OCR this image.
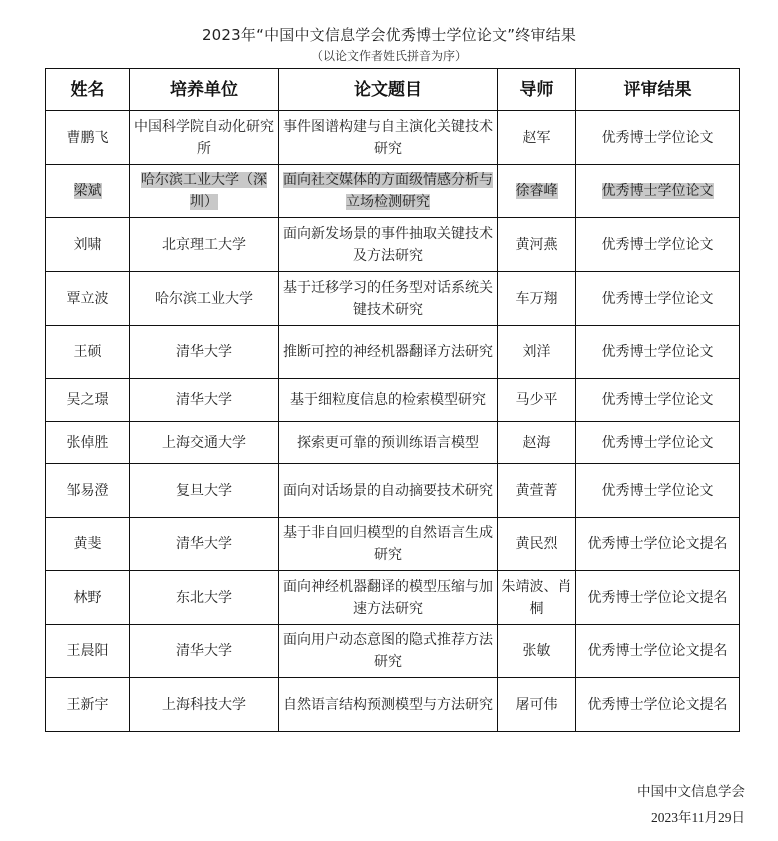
2023年“中国中文信息学会优秀博士学位论文”终审结果
（以论文作者姓氏拼音为序）
姓名	培养单位	论文题目	导师	评审结果
曹鹏飞	中国科学院自动化研究所	事件图谱构建与自主演化关键技术研究	赵军	优秀博士学位论文
梁斌	哈尔滨工业大学（深圳）	面向社交媒体的方面级情感分析与立场检测研究	徐睿峰	优秀博士学位论文
刘啸	北京理工大学	面向新发场景的事件抽取关键技术及方法研究	黄河燕	优秀博士学位论文
覃立波	哈尔滨工业大学	基于迁移学习的任务型对话系统关键技术研究	车万翔	优秀博士学位论文
王硕	清华大学	推断可控的神经机器翻译方法研究	刘洋	优秀博士学位论文
吴之璟	清华大学	基于细粒度信息的检索模型研究	马少平	优秀博士学位论文
张倬胜	上海交通大学	探索更可靠的预训练语言模型	赵海	优秀博士学位论文
邹易澄	复旦大学	面向对话场景的自动摘要技术研究	黄萱菁	优秀博士学位论文
黄斐	清华大学	基于非自回归模型的自然语言生成研究	黄民烈	优秀博士学位论文提名
林野	东北大学	面向神经机器翻译的模型压缩与加速方法研究	朱靖波、肖桐	优秀博士学位论文提名
王晨阳	清华大学	面向用户动态意图的隐式推荐方法研究	张敏	优秀博士学位论文提名
王新宇	上海科技大学	自然语言结构预测模型与方法研究	屠可伟	优秀博士学位论文提名
中国中文信息学会
2023年11月29日
